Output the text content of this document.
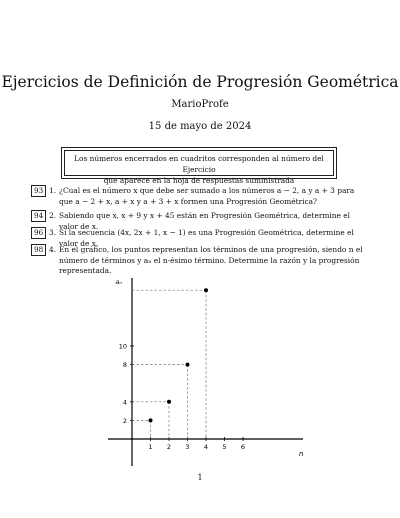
Ejercicios de Definición de Progresión Geométrica
MarioProfe
15 de mayo de 2024
Los números encerrados en cuadritos corresponden al número del Ejercicio
que aparece en la hoja de respuestas suministrada
93 1. ¿Cual es el número x que debe ser sumado a los números a − 2, a y a + 3 para que a − 2 + x, a + x y a + 3 + x formen una Progresión Geométrica?
94 2. Sabiendo que x, x + 9 y x + 45 están en Progresión Geométrica, determine el valor de x.
96 3. Si la secuencia (4x, 2x + 1, x − 1) es una Progresión Geométrica, determine el valor de x.
98 4. En el gráfico, los puntos representan los términos de una progresión, siendo n el número de términos y aₙ el n-ésimo término. Determine la razón y la progresión representada.
aₙ
n
1 2 3 4 5 6
2
4
8
10
1
